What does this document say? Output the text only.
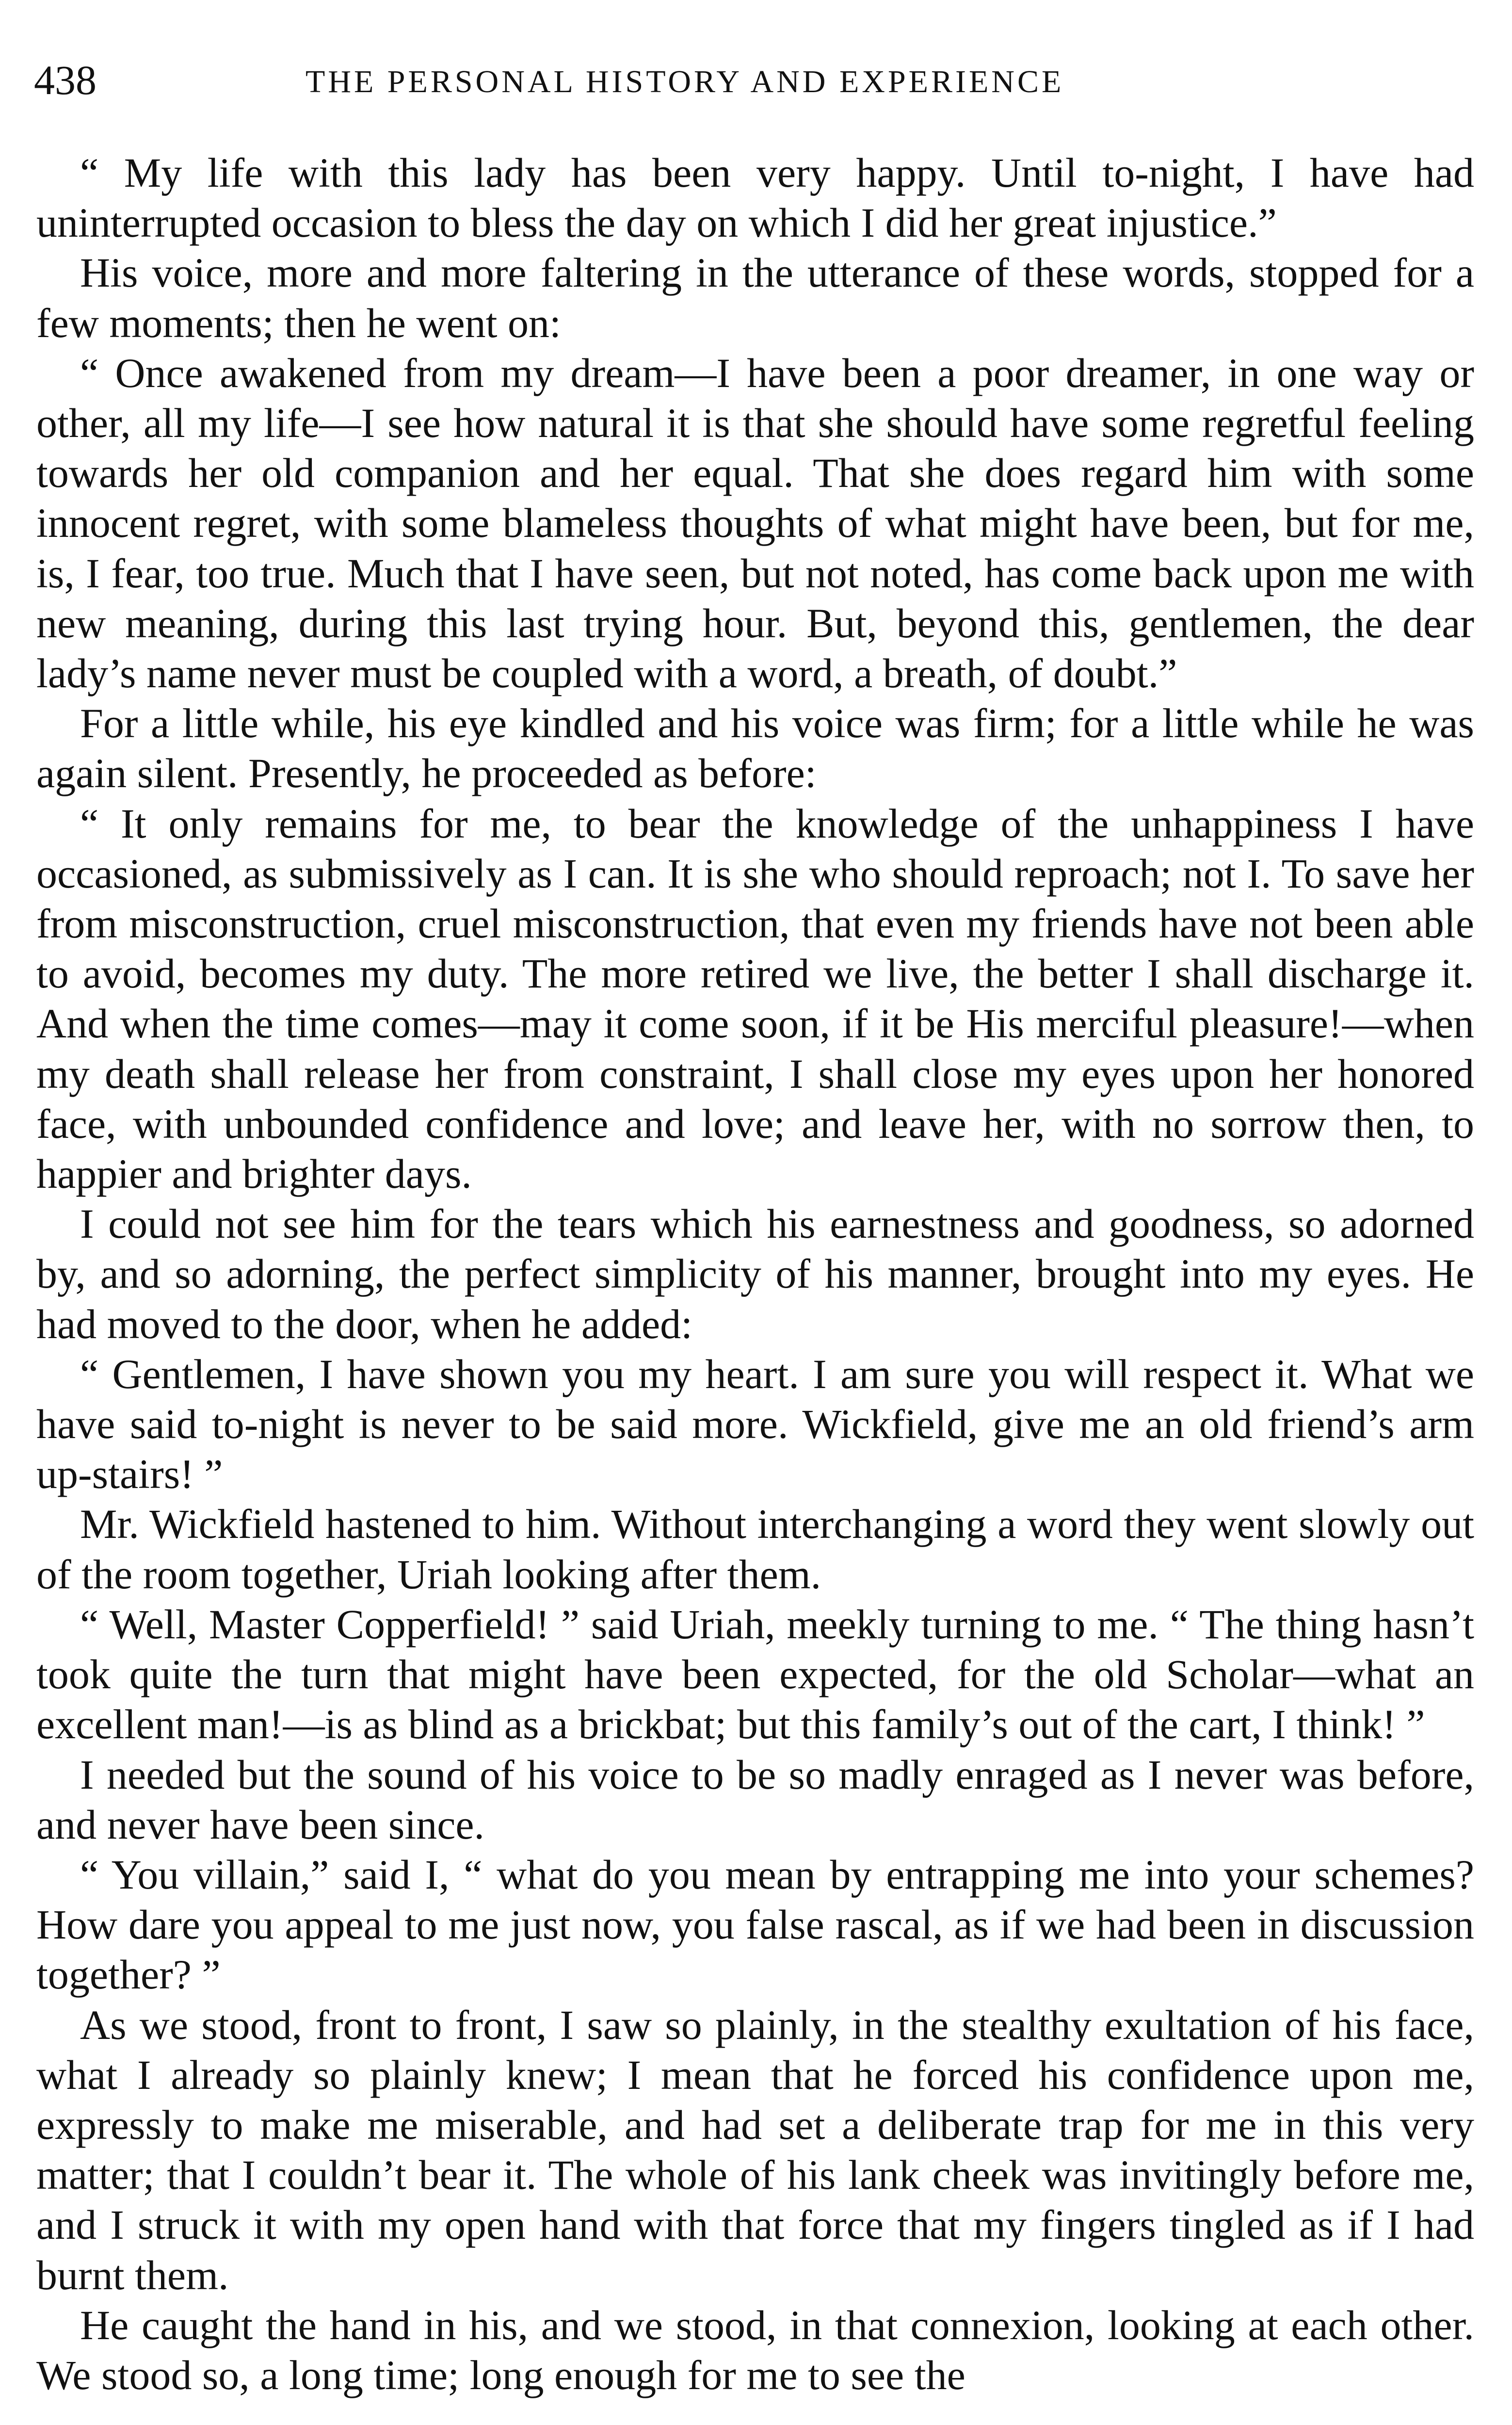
438	THE PERSONAL HISTORY AND EXPERIENCE

“ My life with this lady has been very happy. Until to-night, I have had uninterrupted occasion to bless the day on which I did her great injustice.”

His voice, more and more faltering in the utterance of these words, stopped for a few moments; then he went on:

“ Once awakened from my dream—I have been a poor dreamer, in one way or other, all my life—I see how natural it is that she should have some regretful feeling towards her old companion and her equal. That she does regard him with some innocent regret, with some blameless thoughts of what might have been, but for me, is, I fear, too true. Much that I have seen, but not noted, has come back upon me with new meaning, during this last trying hour. But, beyond this, gentlemen, the dear lady’s name never must be coupled with a word, a breath, of doubt.”

For a little while, his eye kindled and his voice was firm; for a little while he was again silent. Presently, he proceeded as before:

“ It only remains for me, to bear the knowledge of the unhappiness I have occasioned, as submissively as I can. It is she who should reproach; not I. To save her from misconstruction, cruel misconstruction, that even my friends have not been able to avoid, becomes my duty. The more retired we live, the better I shall discharge it. And when the time comes—may it come soon, if it be His merciful pleasure!—when my death shall release her from constraint, I shall close my eyes upon her honored face, with unbounded confidence and love; and leave her, with no sorrow then, to happier and brighter days.

I could not see him for the tears which his earnestness and goodness, so adorned by, and so adorning, the perfect simplicity of his manner, brought into my eyes. He had moved to the door, when he added:

“ Gentlemen, I have shown you my heart. I am sure you will respect it. What we have said to-night is never to be said more. Wickfield, give me an old friend’s arm up-stairs! ”

Mr. Wickfield hastened to him. Without interchanging a word they went slowly out of the room together, Uriah looking after them.

“ Well, Master Copperfield! ” said Uriah, meekly turning to me. “ The thing hasn’t took quite the turn that might have been expected, for the old Scholar—what an excellent man!—is as blind as a brickbat; but this family’s out of the cart, I think! ”

I needed but the sound of his voice to be so madly enraged as I never was before, and never have been since.

“ You villain,” said I, “ what do you mean by entrapping me into your schemes? How dare you appeal to me just now, you false rascal, as if we had been in discussion together? ”

As we stood, front to front, I saw so plainly, in the stealthy exultation of his face, what I already so plainly knew; I mean that he forced his confidence upon me, expressly to make me miserable, and had set a deliberate trap for me in this very matter; that I couldn’t bear it. The whole of his lank cheek was invitingly before me, and I struck it with my open hand with that force that my fingers tingled as if I had burnt them.

He caught the hand in his, and we stood, in that connexion, looking at each other. We stood so, a long time; long enough for me to see the
